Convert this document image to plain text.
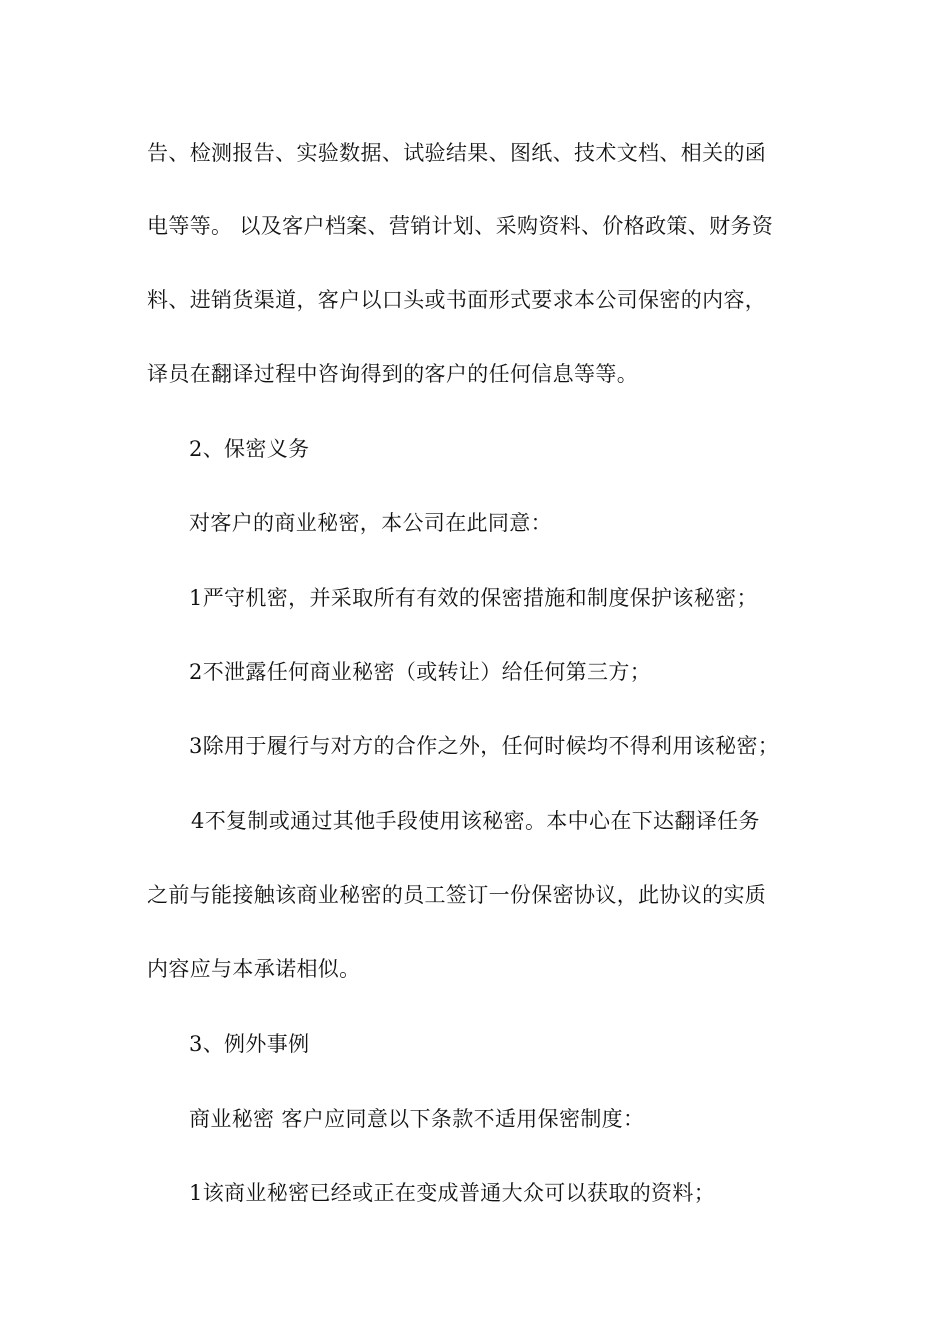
告、检测报告、实验数据、试验结果、图纸、技术文档、相关的函
电等等。 以及客户档案、营销计划、采购资料、价格政策、财务资
料、进销货渠道，客户以口头或书面形式要求本公司保密的内容，
译员在翻译过程中咨询得到的客户的任何信息等等。
2、保密义务
对客户的商业秘密，本公司在此同意：
1严守机密，并采取所有有效的保密措施和制度保护该秘密；
2不泄露任何商业秘密（或转让）给任何第三方；
3除用于履行与对方的合作之外，任何时候均不得利用该秘密；
4不复制或通过其他手段使用该秘密。本中心在下达翻译任务
之前与能接触该商业秘密的员工签订一份保密协议，此协议的实质
内容应与本承诺相似。
3、例外事例
商业秘密 客户应同意以下条款不适用保密制度：
1该商业秘密已经或正在变成普通大众可以获取的资料；
